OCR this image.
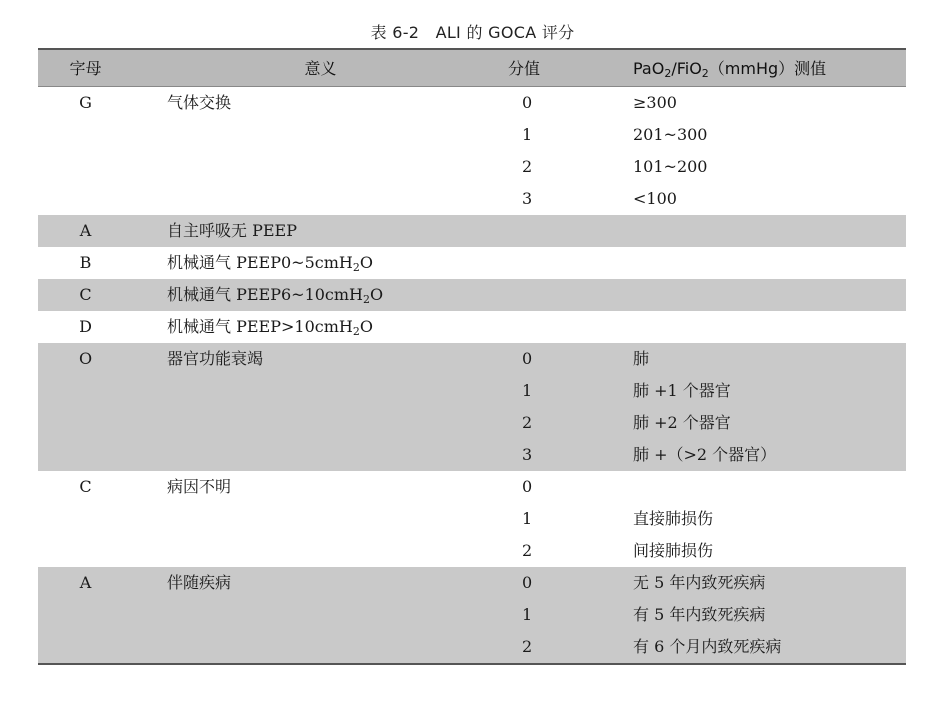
表 6-2　ALI 的 GOCA 评分
字母	意义	分值	PaO$_2$/FiO$_2$（mmHg）测值
G	气体交换	0	≥300
		1	201~300
		2	101~200
		3	<100
A	自主呼吸无 PEEP		
B	机械通气 PEEP0~5cmH$_2$O		
C	机械通气 PEEP6~10cmH$_2$O		
D	机械通气 PEEP>10cmH$_2$O		
O	器官功能衰竭	0	肺
		1	肺 +1 个器官
		2	肺 +2 个器官
		3	肺 +（>2 个器官）
C	病因不明	0	
		1	直接肺损伤
		2	间接肺损伤
A	伴随疾病	0	无 5 年内致死疾病
		1	有 5 年内致死疾病
		2	有 6 个月内致死疾病
